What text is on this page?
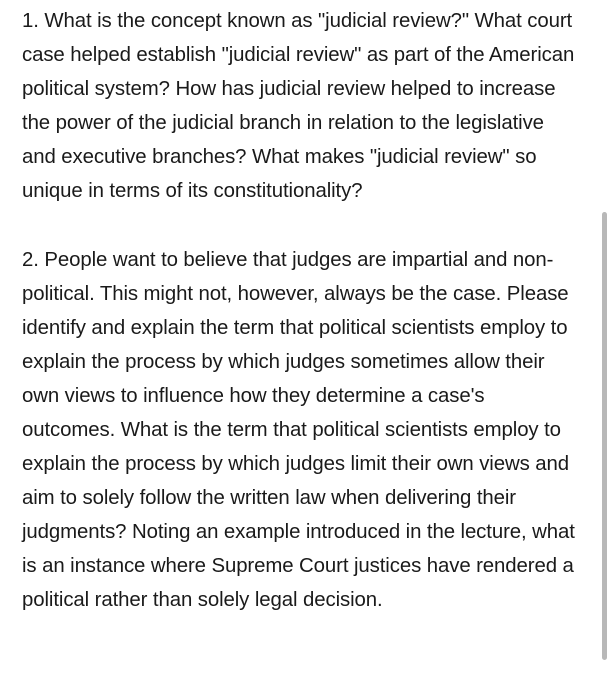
1. What is the concept known as "judicial review?" What court case helped establish "judicial review" as part of the American political system? How has judicial review helped to increase the power of the judicial branch in relation to the legislative and executive branches? What makes "judicial review" so unique in terms of its constitutionality?

2. People want to believe that judges are impartial and non-political. This might not, however, always be the case. Please identify and explain the term that political scientists employ to explain the process by which judges sometimes allow their own views to influence how they determine a case's outcomes. What is the term that political scientists employ to explain the process by which judges limit their own views and aim to solely follow the written law when delivering their judgments? Noting an example introduced in the lecture, what is an instance where Supreme Court justices have rendered a political rather than solely legal decision.
